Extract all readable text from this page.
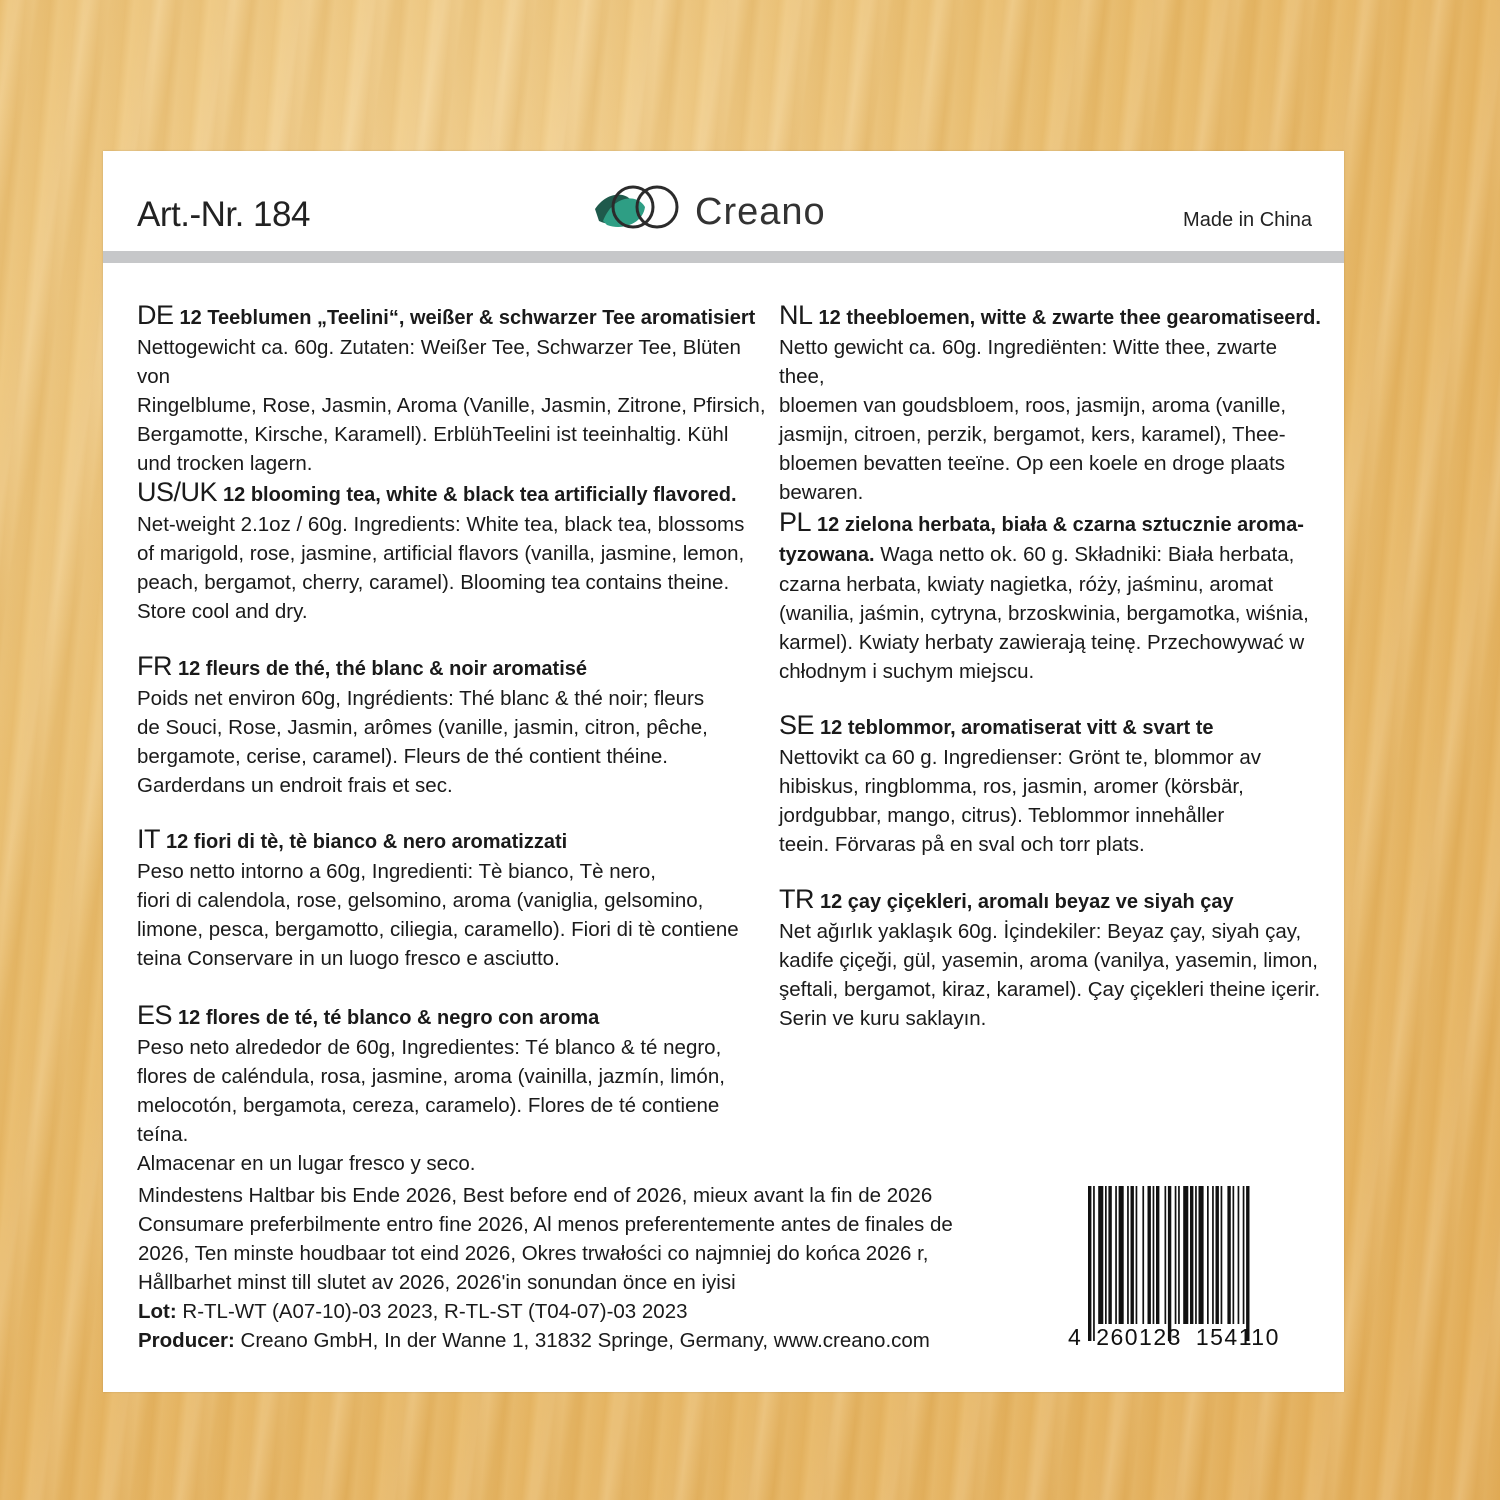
Art.-Nr. 184	Creano	Made in China

DE 12 Teeblumen „Teelini“, weißer & schwarzer Tee aromatisiert

Nettogewicht ca. 60g. Zutaten: Weißer Tee, Schwarzer Tee, Blüten von

Ringelblume, Rose, Jasmin, Aroma (Vanille, Jasmin, Zitrone, Pfirsich,

Bergamotte, Kirsche, Karamell). ErblühTeelini ist teeinhaltig. Kühl

und trocken lagern.

US/UK 12 blooming tea, white & black tea artificially flavored.

Net-weight 2.1oz / 60g. Ingredients: White tea, black tea, blossoms

of marigold, rose, jasmine, artificial flavors (vanilla, jasmine, lemon,

peach, bergamot, cherry, caramel). Blooming tea contains theine.

Store cool and dry.

FR 12 fleurs de thé, thé blanc & noir aromatisé

Poids net environ 60g, Ingrédients: Thé blanc & thé noir; fleurs

de Souci, Rose, Jasmin, arômes (vanille, jasmin, citron, pêche,

bergamote, cerise, caramel). Fleurs de thé contient théine.

Garderdans un endroit frais et sec.

IT 12 fiori di tè, tè bianco & nero aromatizzati

Peso netto intorno a 60g, Ingredienti: Tè bianco, Tè nero,

fiori di calendola, rose, gelsomino, aroma (vaniglia, gelsomino,

limone, pesca, bergamotto, ciliegia, caramello). Fiori di tè contiene

teina Conservare in un luogo fresco e asciutto.

ES 12 flores de té, té blanco & negro con aroma

Peso neto alrededor de 60g, Ingredientes: Té blanco & té negro,

flores de caléndula, rosa, jasmine, aroma (vainilla, jazmín, limón,

melocotón, bergamota, cereza, caramelo). Flores de té contiene teína.

Almacenar en un lugar fresco y seco.

NL 12 theebloemen, witte & zwarte thee gearomatiseerd.

Netto gewicht ca. 60g. Ingrediënten: Witte thee, zwarte thee,

bloemen van goudsbloem, roos, jasmijn, aroma (vanille,

jasmijn, citroen, perzik, bergamot, kers, karamel), Thee-

bloemen bevatten teeïne. Op een koele en droge plaats

bewaren.

PL 12 zielona herbata, biała & czarna sztucznie aroma-

tyzowana. Waga netto ok. 60 g. Składniki: Biała herbata,

czarna herbata, kwiaty nagietka, róży, jaśminu, aromat

(wanilia, jaśmin, cytryna, brzoskwinia, bergamotka, wiśnia,

karmel). Kwiaty herbaty zawierają teinę. Przechowywać w

chłodnym i suchym miejscu.

SE 12 teblommor, aromatiserat vitt & svart te

Nettovikt ca 60 g. Ingredienser: Grönt te, blommor av

hibiskus, ringblomma, ros, jasmin, aromer (körsbär,

jordgubbar, mango, citrus). Teblommor innehåller

teein. Förvaras på en sval och torr plats.

TR 12 çay çiçekleri, aromalı beyaz ve siyah çay

Net ağırlık yaklaşık 60g. İçindekiler: Beyaz çay, siyah çay,

kadife çiçeği, gül, yasemin, aroma (vanilya, yasemin, limon,

şeftali, bergamot, kiraz, karamel). Çay çiçekleri theine içerir.

Serin ve kuru saklayın.

Mindestens Haltbar bis Ende 2026, Best before end of 2026, mieux avant la fin de 2026
Consumare preferbilmente entro fine 2026, Al menos preferentemente antes de finales de
2026, Ten minste houdbaar tot eind 2026, Okres trwałości co najmniej do końca 2026 r,
Hållbarhet minst till slutet av 2026, 2026'in sonundan önce en iyisi
Lot: R-TL-WT (A07-10)-03 2023, R-TL-ST (T04-07)-03 2023
Producer: Creano GmbH, In der Wanne 1, 31832 Springe, Germany, www.creano.com	4 260123 154110
